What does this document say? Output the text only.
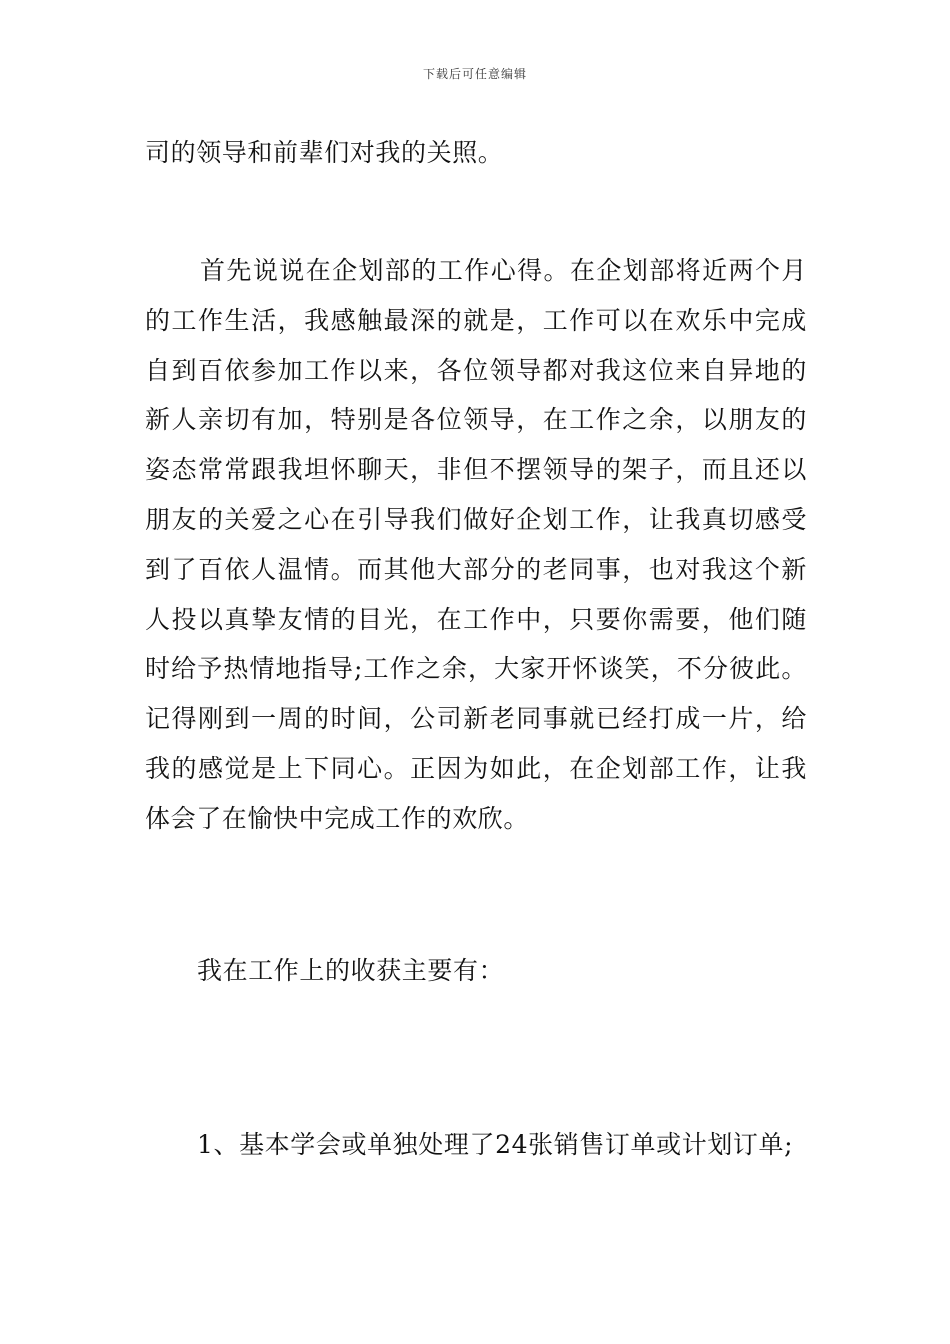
下载后可任意编辑
司的领导和前辈们对我的关照。
首先说说在企划部的工作心得。在企划部将近两个月的工作生活，我感触最深的就是，工作可以在欢乐中完成自到百依参加工作以来，各位领导都对我这位来自异地的新人亲切有加，特别是各位领导，在工作之余，以朋友的姿态常常跟我坦怀聊天，非但不摆领导的架子，而且还以朋友的关爱之心在引导我们做好企划工作，让我真切感受到了百依人温情。而其他大部分的老同事，也对我这个新人投以真挚友情的目光，在工作中，只要你需要，他们随时给予热情地指导;工作之余，大家开怀谈笑，不分彼此。记得刚到一周的时间，公司新老同事就已经打成一片，给我的感觉是上下同心。正因为如此，在企划部工作，让我体会了在愉快中完成工作的欢欣。
我在工作上的收获主要有：
1、基本学会或单独处理了24张销售订单或计划订单;
